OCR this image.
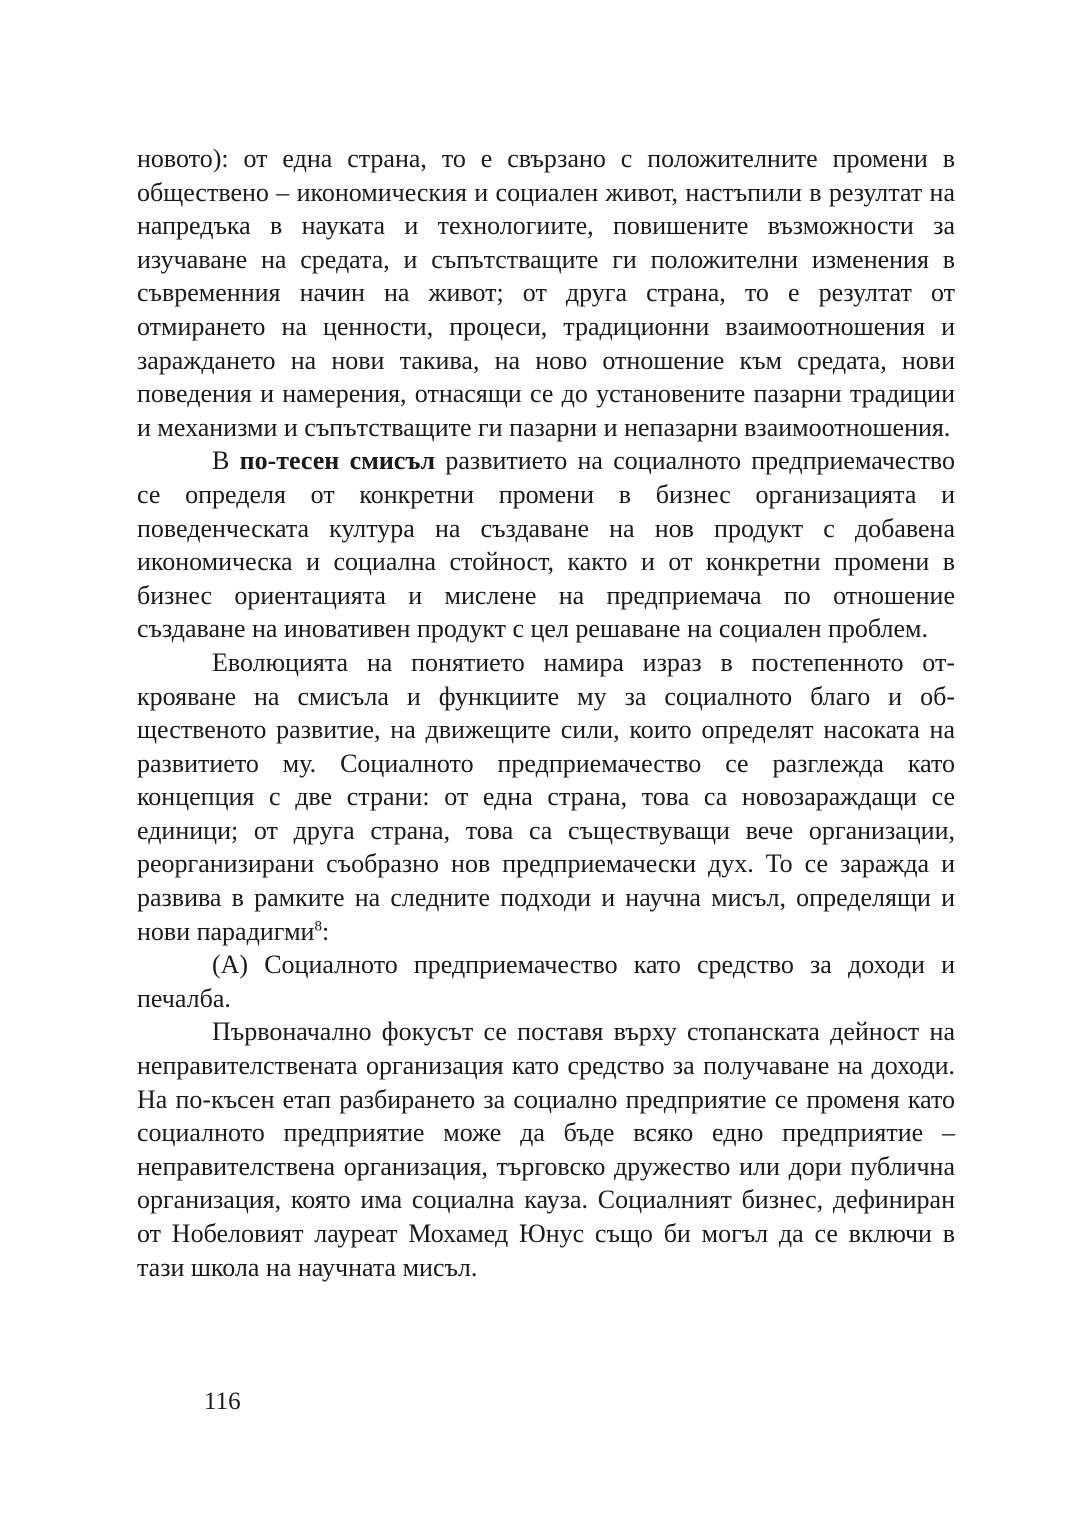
новото): от една страна, то е свързано с положителните промени в обществено – икономическия и социален живот, настъпили в резултат на напредъка в науката и технологиите, повишените възможности за изучаване на средата, и съпътстващите ги положителни изменения в съвременния начин на живот; от друга страна, то е резултат от отмирането на ценности, процеси, традиционни взаимоотношения и зараждането на нови такива, на ново отношение към средата, нови поведения и намерения, отнасящи се до установените пазарни традиции и механизми и съпътстващите ги пазарни и непазарни взаимоотношения.

В по-тесен смисъл развитието на социалното предприемачество се определя от конкретни промени в бизнес организацията и поведенческата култура на създаване на нов продукт с добавена икономическа и социална стойност, както и от конкретни промени в бизнес ориентацията и мислене на предприемача по отношение създаване на иновативен продукт с цел решаване на социален проблем.

Еволюцията на понятието намира израз в постепенното открояване на смисъла и функциите му за социалното благо и общественото развитие, на движещите сили, които определят насоката на развитието му. Социалното предприемачество се разглежда като концепция с две страни: от една страна, това са новозараждащи се единици; от друга страна, това са съществуващи вече организации, реорганизирани съобразно нов предприемачески дух. То се заражда и развива в рамките на следните подходи и научна мисъл, определящи и нови парадигми$^8$:

(А) Социалното предприемачество като средство за доходи и печалба.

Първоначално фокусът се поставя върху стопанската дейност на неправителствената организация като средство за получаване на доходи. На по-късен етап разбирането за социално предприятие се променя като социалното предприятие може да бъде всяко едно предприятие – неправителствена организация, търговско дружество или дори публична организация, която има социална кауза. Социалният бизнес, дефиниран от Нобеловият лауреат Мохамед Юнус също би могъл да се включи в тази школа на научната мисъл.

116
